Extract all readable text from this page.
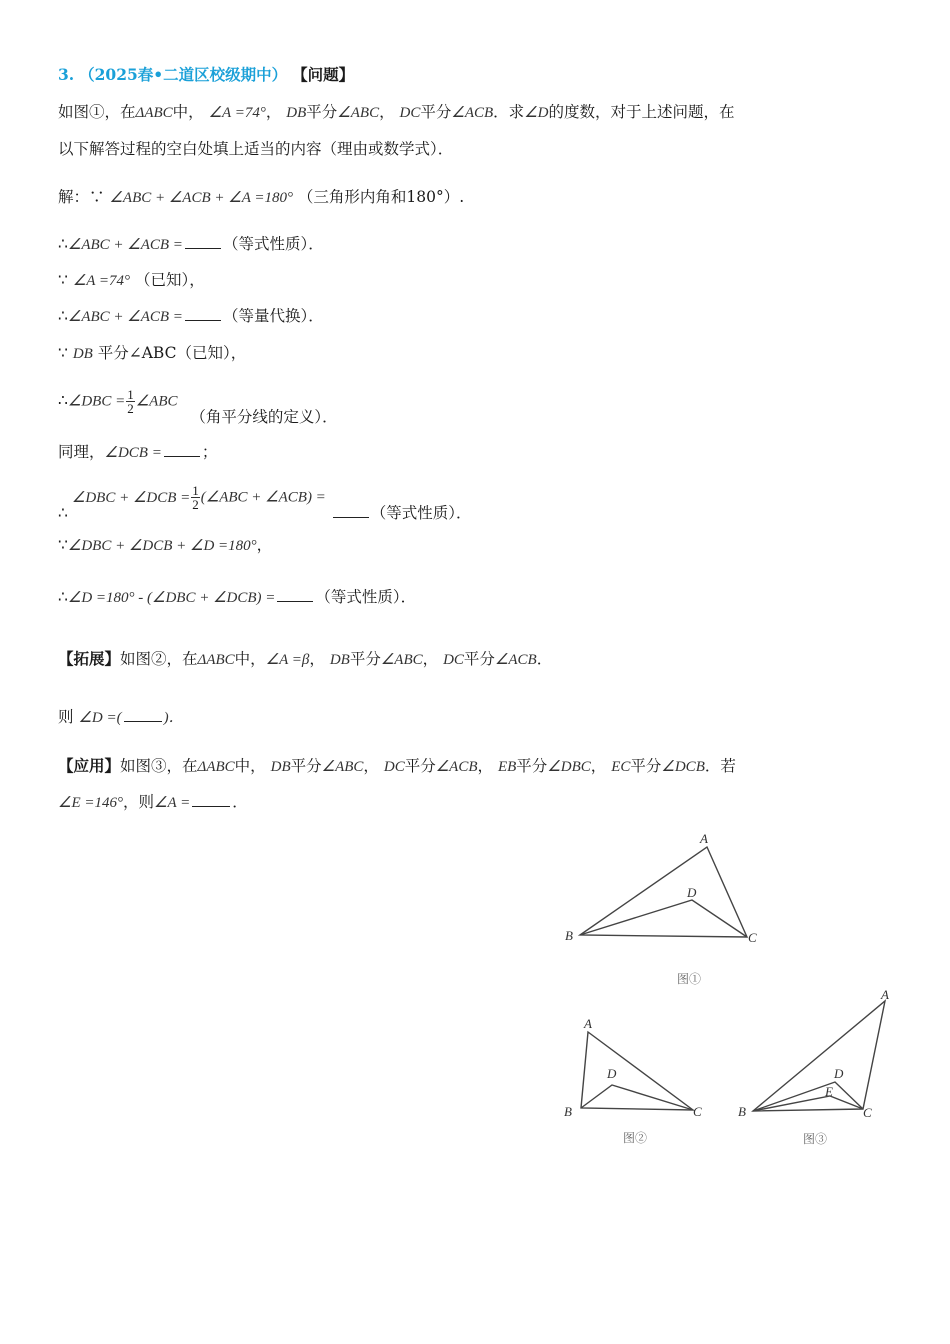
3. （2025春•二道区校级期中） 【问题】
如图①，在ΔABC中， ∠A =74°， DB平分∠ABC， DC平分∠ACB．求∠D的度数，对于上述问题，在
以下解答过程的空白处填上适当的内容（理由或数学式）．
解：∵ ∠ABC + ∠ACB + ∠A =180° （三角形内角和180°）.
∴∠ABC + ∠ACB =	（等式性质）．
∵ ∠A =74° （已知），
∴∠ABC + ∠ACB =	（等量代换）．
∵ DB 平分∠ABC（已知），
∴∠DBC = $\frac{1}{2}$ ∠ABC （角平分线的定义）．
同理，∠DCB =	；
∴∠DBC + ∠DCB = $\frac{1}{2}$ (∠ABC + ∠ACB) = （等式性质）．
∵∠DBC + ∠DCB + ∠D =180°，
∴∠D =180° - (∠DBC + ∠DCB) =	（等式性质）．
【拓展】如图②，在ΔABC中，∠A =β， DB平分∠ABC， DC平分∠ACB．
则 ∠D =(	)．
【应用】如图③，在ΔABC中， DB平分∠ABC， DC平分∠ACB， EB平分∠DBC， EC平分∠DCB．若
∠E =146°，则∠A =	．
A
B	C
D
图①
A
B	C
D
图②
A
B	C
D
E
图③
